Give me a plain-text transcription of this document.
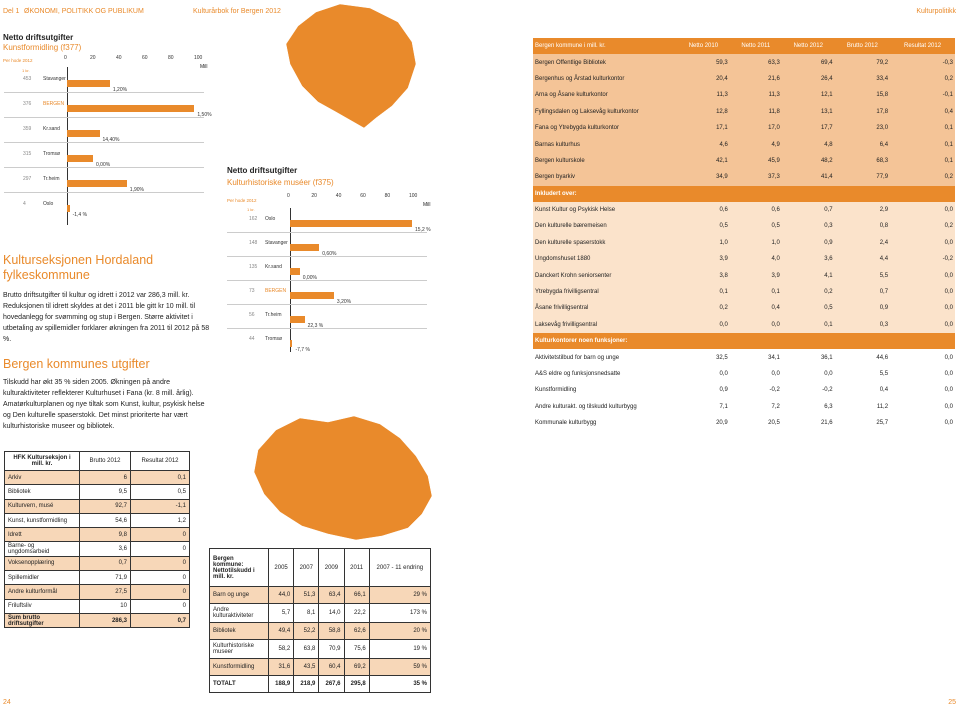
Del 1 ØKONOMI, POLITIKK OG PUBLIKUM	Kulturårbok for Bergen 2012	Kulturpolitikk
Netto driftsutgifter
Kunstformidling (f377)
Per hode 2012
1 kr.
Mill
0	20	40	60	80	100
453 Stavanger
1,20%
376 BERGEN
1,50%
359 Kr.sand
14,40%
315 Tromsø
0,00%
297 Tr.heim
1,90%
4	Oslo
-1,4 %
Netto driftsutgifter
Kulturhistoriske muséer (f375)
Per hode 2012
1 kr.
Mill
0	20	40	60	80	100
162 Oslo
15,2 %
148 Stavanger
0,60%
135 Kr.sand
0,00%
73 BERGEN
3,20%
56 Tr.heim
22,3 %
44 Tromsø
-7,7 %
Kulturseksjonen Hordaland fylkeskommune
Brutto driftsutgifter til kultur og idrett i 2012 var 286,3 mill. kr. Reduksjonen til idrett skyldes at det i 2011 ble gitt kr 10 mill. til hovedanlegg for svømming og stup i Bergen. Større aktivitet i utbetaling av spillemidler forklarer økningen fra 2011 til 2012 på 58 %.
Bergen kommunes utgifter
Tilskudd har økt 35 % siden 2005. Økningen på andre kulturaktiviteter reflekterer Kulturhuset i Fana (kr. 8 mill. årlig). Amatørkulturplanen og nye tiltak som Kunst, kultur, psykisk helse og Den kulturelle spaserstokk. Det minst prioriterte har vært kulturhistoriske museer og bibliotek.
HFK Kulturseksjon i mill. kr.	Brutto 2012	Resultat 2012
Arkiv	6	0,1
Bibliotek	9,5	0,5
Kulturvern, musé	92,7	-1,1
Kunst, kunstformidling	54,6	1,2
Idrett	9,8	0
Barne- og ungdomsarbeid	3,6	0
Voksenopplæring	0,7	0
Spillemidler	71,9	0
Andre kulturformål	27,5	0
Friluftsliv	10	0
Sum brutto driftsutgifter	286,3	0,7
Bergen kommune: Nettotilskudd i mill. kr.	2005	2007	2009	2011	2007 - 11 endring
Barn og unge	44,0	51,3	63,4	66,1	29 %
Andre kulturaktiviteter	5,7	8,1	14,0	22,2	173 %
Bibliotek	49,4	52,2	58,8	62,6	20 %
Kulturhistoriske museer	58,2	63,8	70,9	75,6	19 %
Kunstformidling	31,6	43,5	60,4	69,2	59 %
TOTALT	188,9	218,9	267,6	295,8	35 %
Bergen kommune i mill. kr.	Netto 2010	Netto 2011	Netto 2012	Brutto 2012	Resultat 2012
Bergen Offentlige Bibliotek	59,3	63,3	69,4	79,2	-0,3
Bergenhus og Årstad kulturkontor	20,4	21,6	26,4	33,4	0,2
Arna og Åsane kulturkontor	11,3	11,3	12,1	15,8	-0,1
Fyllingsdalen og Laksevåg kulturkontor	12,8	11,8	13,1	17,8	0,4
Fana og Ytrebygda kulturkontor	17,1	17,0	17,7	23,0	0,1
Barnas kulturhus	4,6	4,9	4,8	6,4	0,1
Bergen kulturskole	42,1	45,9	48,2	68,3	0,1
Bergen byarkiv	34,9	37,3	41,4	77,9	0,2
Inkludert over:					
Kunst Kultur og Psykisk Helse	0,6	0,6	0,7	2,9	0,0
Den kulturelle bæremeisen	0,5	0,5	0,3	0,8	0,2
Den kulturelle spaserstokk	1,0	1,0	0,9	2,4	0,0
Ungdomshuset 1880	3,9	4,0	3,6	4,4	-0,2
Danckert Krohn seniorsenter	3,8	3,9	4,1	5,5	0,0
Ytrebygda frivilligsentral	0,1	0,1	0,2	0,7	0,0
Åsane frivilligsentral	0,2	0,4	0,5	0,9	0,0
Laksevåg frivilligsentral	0,0	0,0	0,1	0,3	0,0
Kulturkontorer noen funksjoner:					
Aktivitetstilbud for barn og unge	32,5	34,1	36,1	44,6	0,0
A&S eldre og funksjonsnedsatte	0,0	0,0	0,0	5,5	0,0
Kunstformidling	0,9	-0,2	-0,2	0,4	0,0
Andre kulturakt. og tilskudd kulturbygg	7,1	7,2	6,3	11,2	0,0
Kommunale kulturbygg	20,9	20,5	21,6	25,7	0,0
24	25
